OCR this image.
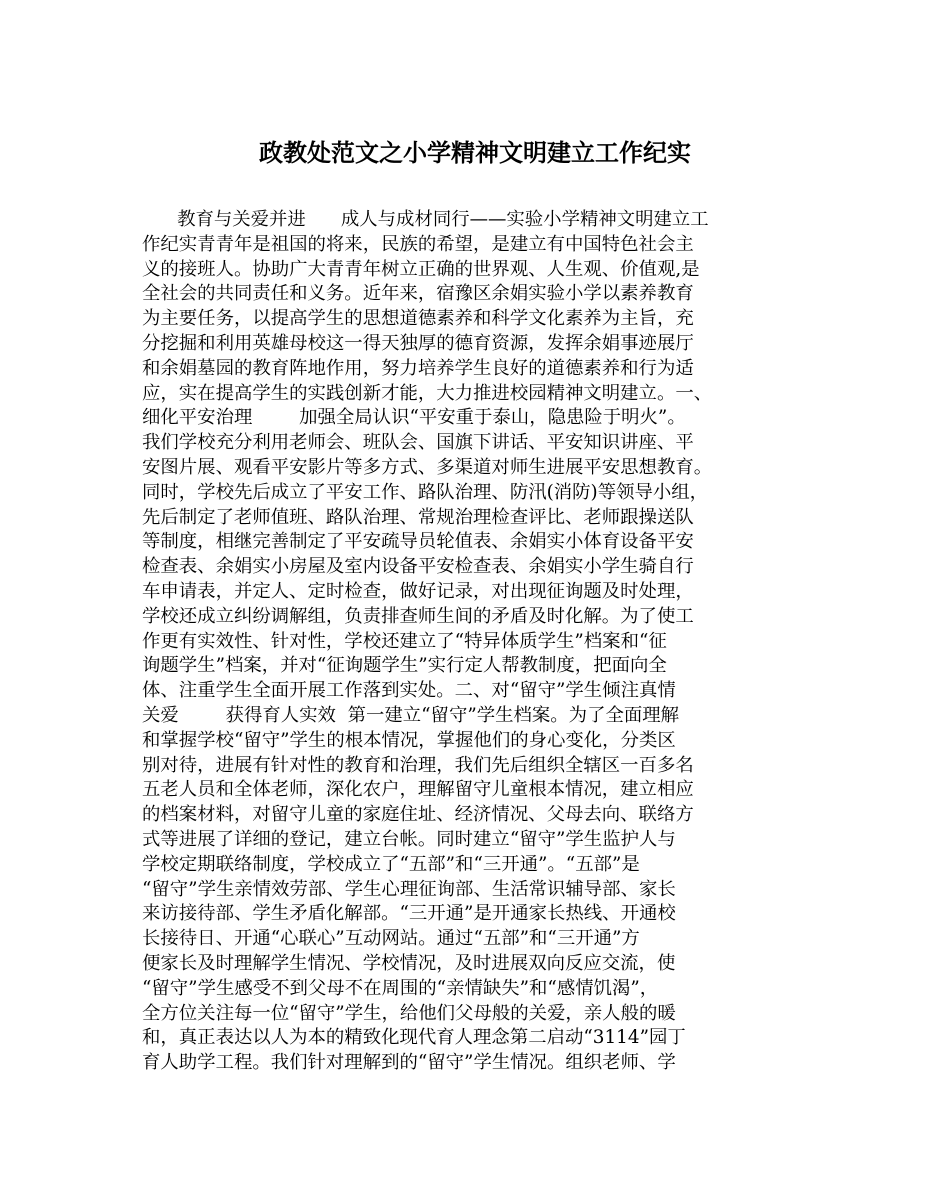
政教处范文之小学精神文明建立工作纪实
教育与关爱并进      成人与成材同行——实验小学精神文明建立工
作纪实青青年是祖国的将来，民族的希望，是建立有中国特色社会主
义的接班人。协助广大青青年树立正确的世界观、人生观、价值观,是
全社会的共同责任和义务。近年来，宿豫区余娟实验小学以素养教育
为主要任务，以提高学生的思想道德素养和科学文化素养为主旨，充
分挖掘和利用英雄母校这一得天独厚的德育资源，发挥余娟事迹展厅
和余娟墓园的教育阵地作用，努力培养学生良好的道德素养和行为适
应，实在提高学生的实践创新才能，大力推进校园精神文明建立。一、
细化平安治理        加强全局认识“平安重于泰山，隐患险于明火”。
我们学校充分利用老师会、班队会、国旗下讲话、平安知识讲座、平
安图片展、观看平安影片等多方式、多渠道对师生进展平安思想教育。
同时，学校先后成立了平安工作、路队治理、防汛(消防)等领导小组，
先后制定了老师值班、路队治理、常规治理检查评比、老师跟操送队
等制度，相继完善制定了平安疏导员轮值表、余娟实小体育设备平安
检查表、余娟实小房屋及室内设备平安检查表、余娟实小学生骑自行
车申请表，并定人、定时检查，做好记录，对出现征询题及时处理，
学校还成立纠纷调解组，负责排查师生间的矛盾及时化解。为了使工
作更有实效性、针对性，学校还建立了“特异体质学生”档案和“征
询题学生”档案，并对“征询题学生”实行定人帮教制度，把面向全
体、注重学生全面开展工作落到实处。二、对“留守”学生倾注真情
关爱        获得育人实效  第一建立“留守”学生档案。为了全面理解
和掌握学校“留守”学生的根本情况，掌握他们的身心变化，分类区
别对待，进展有针对性的教育和治理，我们先后组织全辖区一百多名
五老人员和全体老师，深化农户，理解留守儿童根本情况，建立相应
的档案材料，对留守儿童的家庭住址、经济情况、父母去向、联络方
式等进展了详细的登记，建立台帐。同时建立“留守”学生监护人与
学校定期联络制度，学校成立了“五部”和“三开通”。“五部”是
“留守”学生亲情效劳部、学生心理征询部、生活常识辅导部、家长
来访接待部、学生矛盾化解部。“三开通”是开通家长热线、开通校
长接待日、开通“心联心”互动网站。通过“五部”和“三开通”方
便家长及时理解学生情况、学校情况，及时进展双向反应交流，使
“留守”学生感受不到父母不在周围的“亲情缺失”和“感情饥渴”，
全方位关注每一位“留守”学生，给他们父母般的关爱，亲人般的暖
和，真正表达以人为本的精致化现代育人理念第二启动“3114”园丁
育人助学工程。我们针对理解到的“留守”学生情况。组织老师、学
